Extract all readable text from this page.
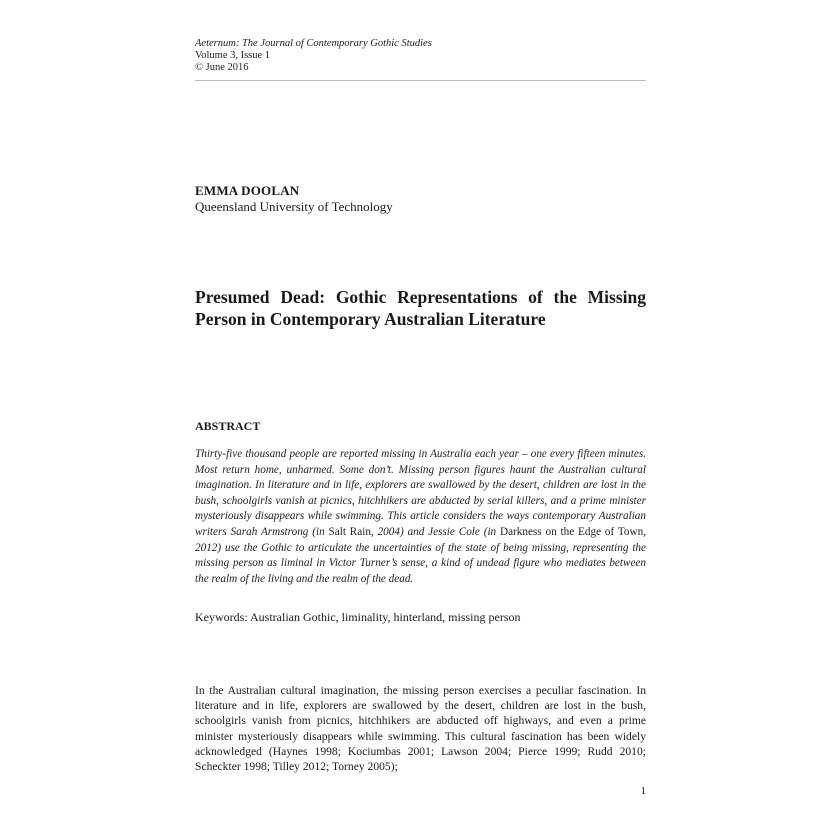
Aeternum: The Journal of Contemporary Gothic Studies
Volume 3, Issue 1
© June 2016
EMMA DOOLAN
Queensland University of Technology
Presumed Dead: Gothic Representations of the Missing Person in Contemporary Australian Literature
ABSTRACT

Thirty-five thousand people are reported missing in Australia each year – one every fifteen minutes. Most return home, unharmed. Some don’t. Missing person figures haunt the Australian cultural imagination. In literature and in life, explorers are swallowed by the desert, children are lost in the bush, schoolgirls vanish at picnics, hitchhikers are abducted by serial killers, and a prime minister mysteriously disappears while swimming. This article considers the ways contemporary Australian writers Sarah Armstrong (in Salt Rain, 2004) and Jessie Cole (in Darkness on the Edge of Town, 2012) use the Gothic to articulate the uncertainties of the state of being missing, representing the missing person as liminal in Victor Turner’s sense, a kind of undead figure who mediates between the realm of the living and the realm of the dead.

Keywords: Australian Gothic, liminality, hinterland, missing person

In the Australian cultural imagination, the missing person exercises a peculiar fascination. In literature and in life, explorers are swallowed by the desert, children are lost in the bush, schoolgirls vanish from picnics, hitchhikers are abducted off highways, and even a prime minister mysteriously disappears while swimming. This cultural fascination has been widely acknowledged (Haynes 1998; Kociumbas 2001; Lawson 2004; Pierce 1999; Rudd 2010; Scheckter 1998; Tilley 2012; Torney 2005);

1
